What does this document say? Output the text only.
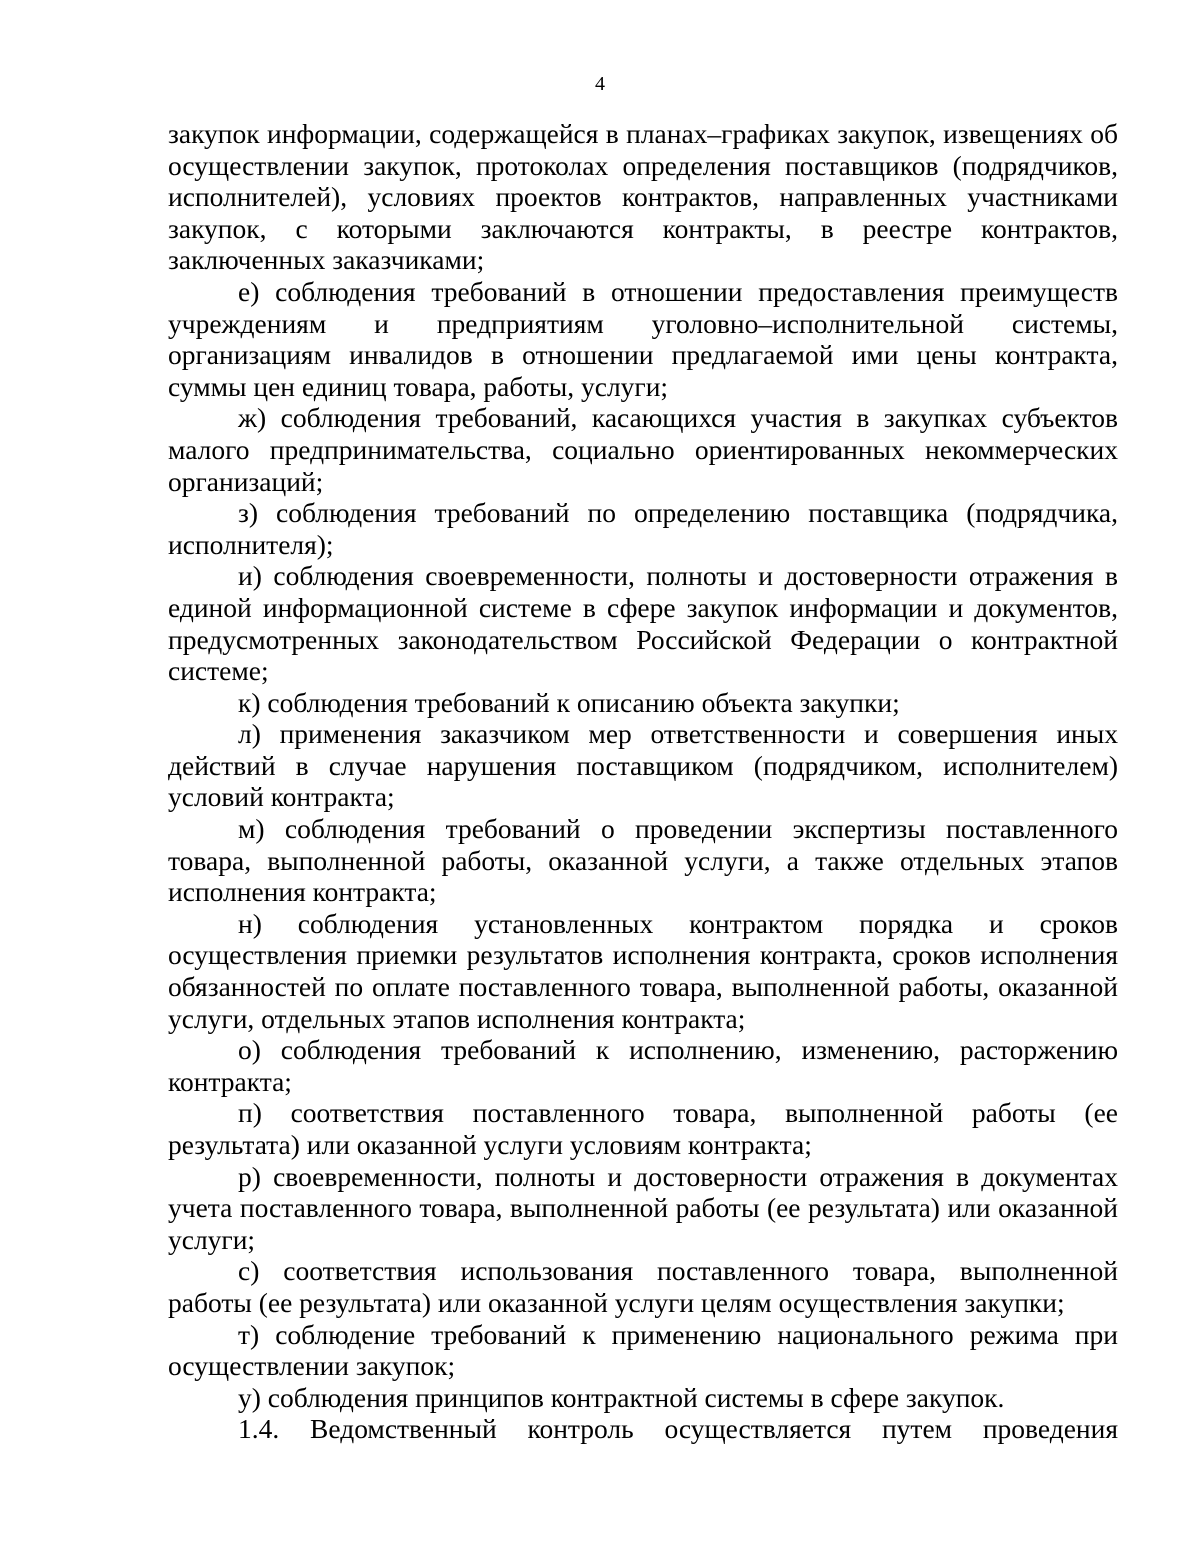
4

закупок информации, содержащейся в планах–графиках закупок, извещениях об осуществлении закупок, протоколах определения поставщиков (подрядчиков, исполнителей), условиях проектов контрактов, направленных участниками закупок, с которыми заключаются контракты, в реестре контрактов, заключенных заказчиками;

е) соблюдения требований в отношении предоставления преимуществ учреждениям и предприятиям уголовно–исполнительной системы, организациям инвалидов в отношении предлагаемой ими цены контракта, суммы цен единиц товара, работы, услуги;

ж) соблюдения требований, касающихся участия в закупках субъектов малого предпринимательства, социально ориентированных некоммерческих организаций;

з) соблюдения требований по определению поставщика (подрядчика, исполнителя);

и) соблюдения своевременности, полноты и достоверности отражения в единой информационной системе в сфере закупок информации и документов, предусмотренных законодательством Российской Федерации о контрактной системе;

к) соблюдения требований к описанию объекта закупки;

л) применения заказчиком мер ответственности и совершения иных действий в случае нарушения поставщиком (подрядчиком, исполнителем) условий контракта;

м) соблюдения требований о проведении экспертизы поставленного товара, выполненной работы, оказанной услуги, а также отдельных этапов исполнения контракта;

н) соблюдения установленных контрактом порядка и сроков осуществления приемки результатов исполнения контракта, сроков исполнения обязанностей по оплате поставленного товара, выполненной работы, оказанной услуги, отдельных этапов исполнения контракта;

о) соблюдения требований к исполнению, изменению, расторжению контракта;

п) соответствия поставленного товара, выполненной работы (ее результата) или оказанной услуги условиям контракта;

р) своевременности, полноты и достоверности отражения в документах учета поставленного товара, выполненной работы (ее результата) или оказанной услуги;

с) соответствия использования поставленного товара, выполненной работы (ее результата) или оказанной услуги целям осуществления закупки;

т) соблюдение требований к применению национального режима при осуществлении закупок;

у) соблюдения принципов контрактной системы в сфере закупок.

1.4. Ведомственный контроль осуществляется путем проведения
